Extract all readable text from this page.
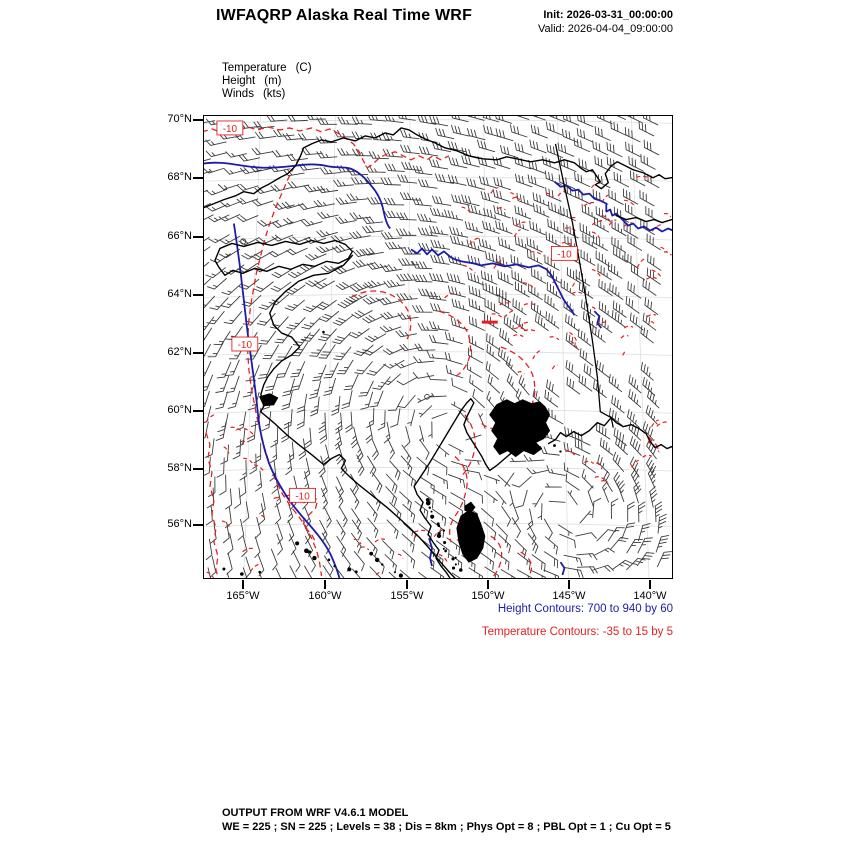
IWFAQRP Alaska Real Time WRF	Init: 2026-03-31_00:00:00
Valid: 2026-04-04_09:00:00
Temperature (C)
Height (m)
Winds (kts)
70°N
68°N
66°N
64°N
62°N
60°N
58°N
56°N
165°W	160°W	155°W	150°W	145°W	140°W
-10
-10
-10
-10
Height Contours: 700 to 940 by 60
Temperature Contours: -35 to 15 by 5
OUTPUT FROM WRF V4.6.1 MODEL
WE = 225 ; SN = 225 ; Levels = 38 ; Dis = 8km ; Phys Opt = 8 ; PBL Opt = 1 ; Cu Opt = 5
